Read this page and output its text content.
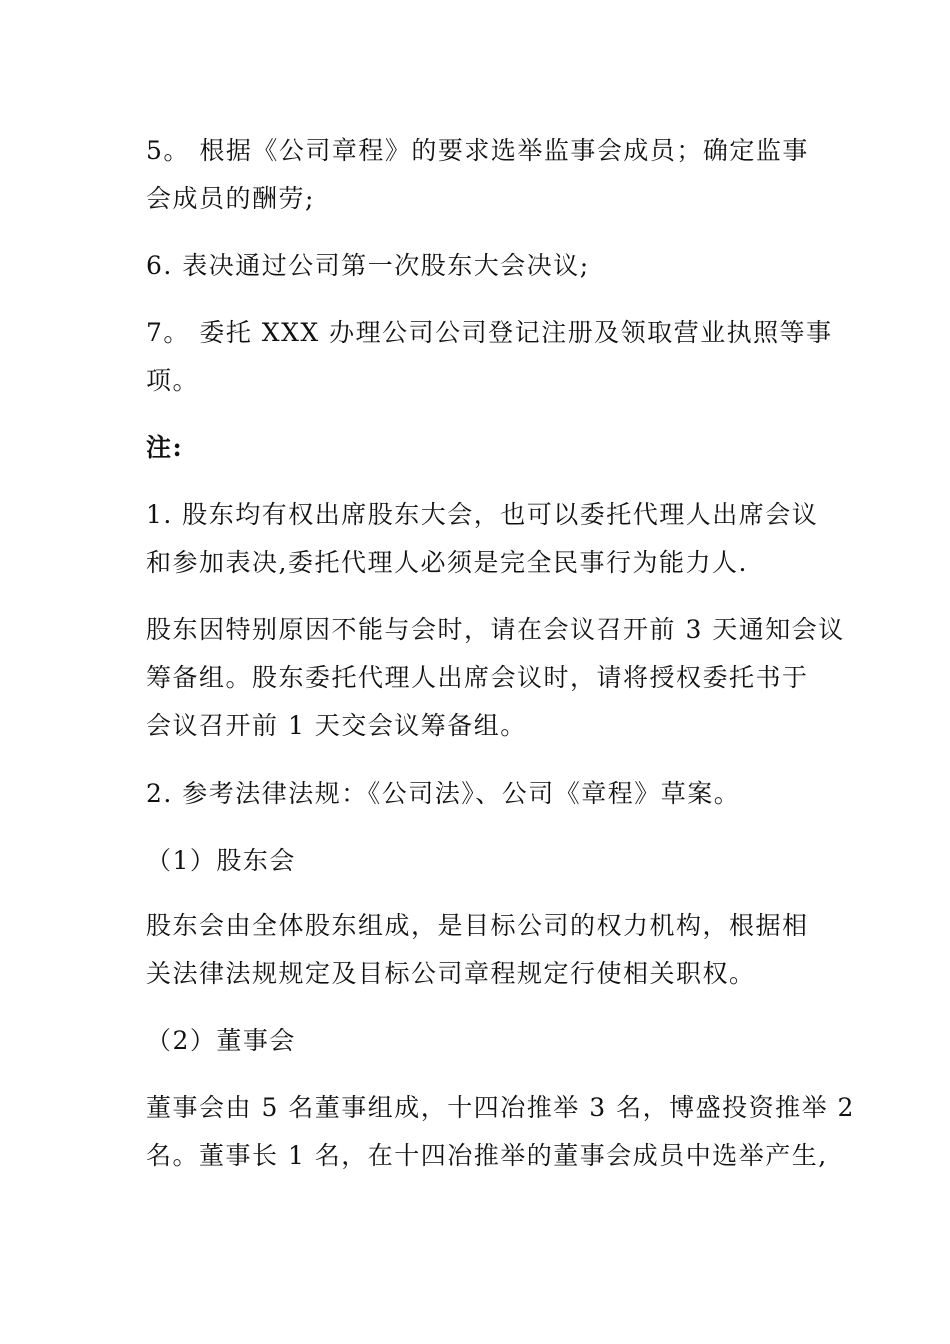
5。 根据《公司章程》的要求选举监事会成员；确定监事
会成员的酬劳;
6. 表决通过公司第一次股东大会决议;
7。 委托 XXX 办理公司公司登记注册及领取营业执照等事
项。
注:
1. 股东均有权出席股东大会，也可以委托代理人出席会议
和参加表决,委托代理人必须是完全民事行为能力人.
股东因特别原因不能与会时，请在会议召开前 3 天通知会议
筹备组。股东委托代理人出席会议时，请将授权委托书于
会议召开前 1 天交会议筹备组。
2. 参考法律法规：《公司法》、公司《章程》草案。
（1）股东会
股东会由全体股东组成，是目标公司的权力机构，根据相
关法律法规规定及目标公司章程规定行使相关职权。
（2）董事会
董事会由 5 名董事组成，十四冶推举 3 名，博盛投资推举 2
名。董事长 1 名，在十四冶推举的董事会成员中选举产生,
